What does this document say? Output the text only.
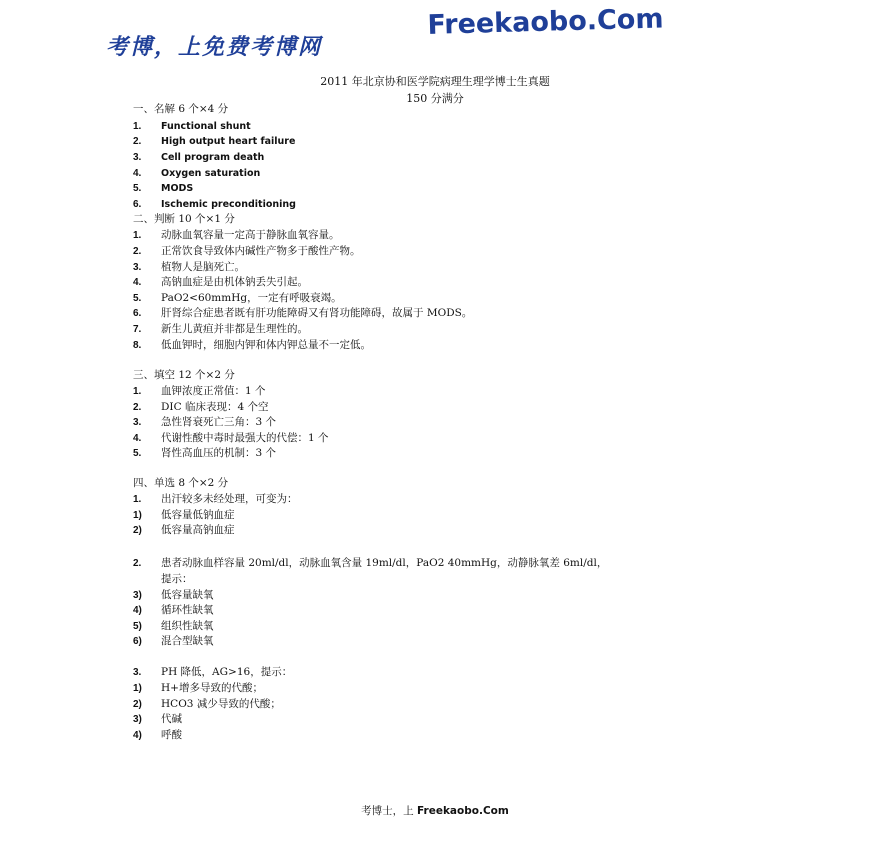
考博，上免费考博网
Freekaobo.Com
2011 年北京协和医学院病理生理学博士生真题
150 分满分
一、名解 6 个×4 分
1. Functional shunt
2. High output heart failure
3. Cell program death
4. Oxygen saturation
5. MODS
6. Ischemic preconditioning
二、判断 10 个×1 分
1. 动脉血氧容量一定高于静脉血氧容量。
2. 正常饮食导致体内碱性产物多于酸性产物。
3. 植物人是脑死亡。
4. 高钠血症是由机体钠丢失引起。
5. PaO2<60mmHg，一定有呼吸衰竭。
6. 肝肾综合症患者既有肝功能障碍又有肾功能障碍，故属于 MODS。
7. 新生儿黄疸并非都是生理性的。
8. 低血钾时，细胞内钾和体内钾总量不一定低。
三、填空 12 个×2 分
1. 血钾浓度正常值：1 个
2. DIC 临床表现：4 个空
3. 急性肾衰死亡三角：3 个
4. 代谢性酸中毒时最强大的代偿：1 个
5. 肾性高血压的机制：3 个
四、单选 8 个×2 分
1. 出汗较多未经处理，可变为：
1) 低容量低钠血症
2) 低容量高钠血症
2. 患者动脉血样容量 20ml/dl，动脉血氧含量 19ml/dl，PaO2 40mmHg，动静脉氧差 6ml/dl，
提示：
3) 低容量缺氧
4) 循环性缺氧
5) 组织性缺氧
6) 混合型缺氧
3. PH 降低，AG>16，提示：
1) H+增多导致的代酸；
2) HCO3 减少导致的代酸；
3) 代碱
4) 呼酸
考博士，上 Freekaobo.Com
